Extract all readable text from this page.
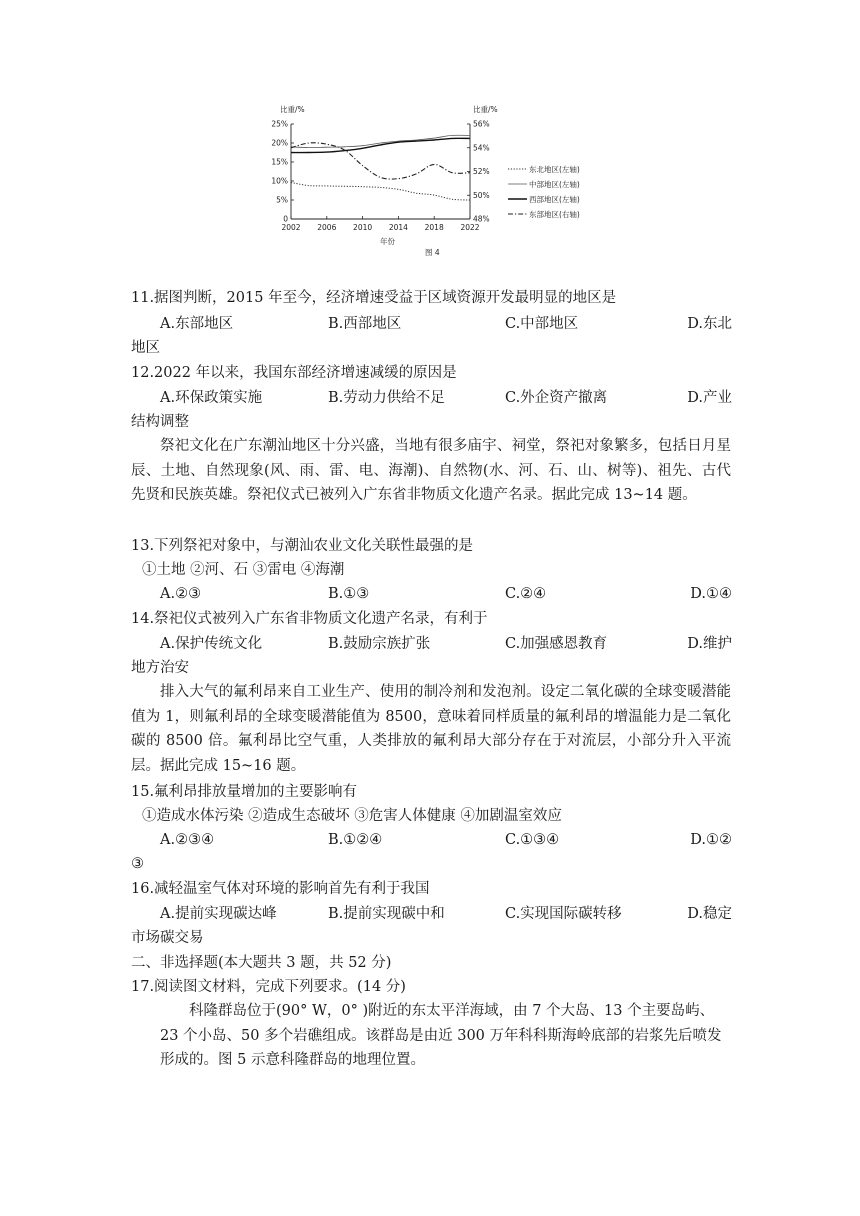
比重/%	比重/%
0
5%
10%
15%
20%
25%
48%
50%
52%
54%
56%
2002 2006 2010 2014 2018 2022
年份
图 4
东北地区(左轴)
中部地区(左轴)
西部地区(左轴)
东部地区(右轴)
11.据图判断，2015 年至今，经济增速受益于区域资源开发最明显的地区是
A.东部地区	B.西部地区	C.中部地区	D.东北
地区
12.2022 年以来，我国东部经济增速减缓的原因是
A.环保政策实施	B.劳动力供给不足	C.外企资产撤离	D.产业
结构调整
祭祀文化在广东潮汕地区十分兴盛，当地有很多庙宇、祠堂，祭祀对象繁多，包括日月星辰、土地、自然现象(风、雨、雷、电、海潮)、自然物(水、河、石、山、树等)、祖先、古代先贤和民族英雄。祭祀仪式已被列入广东省非物质文化遗产名录。据此完成 13~14 题。
13.下列祭祀对象中，与潮汕农业文化关联性最强的是
①土地 ②河、石 ③雷电 ④海潮
A.②③	B.①③	C.②④	D.①④
14.祭祀仪式被列入广东省非物质文化遗产名录，有利于
A.保护传统文化	B.鼓励宗族扩张	C.加强感恩教育	D.维护
地方治安
排入大气的氟利昂来自工业生产、使用的制冷剂和发泡剂。设定二氧化碳的全球变暖潜能值为 1，则氟利昂的全球变暖潜能值为 8500，意味着同样质量的氟利昂的增温能力是二氧化碳的 8500 倍。氟利昂比空气重，人类排放的氟利昂大部分存在于对流层，小部分升入平流层。据此完成 15~16 题。
15.氟利昂排放量增加的主要影响有
①造成水体污染 ②造成生态破坏 ③危害人体健康 ④加剧温室效应
A.②③④	B.①②④	C.①③④	D.①②
③
16.减轻温室气体对环境的影响首先有利于我国
A.提前实现碳达峰	B.提前实现碳中和	C.实现国际碳转移	D.稳定
市场碳交易
二、非选择题(本大题共 3 题，共 52 分)
17.阅读图文材料，完成下列要求。(14 分)
科隆群岛位于(90° W，0° )附近的东太平洋海域，由 7 个大岛、13 个主要岛屿、23 个小岛、50 多个岩礁组成。该群岛是由近 300 万年科科斯海岭底部的岩浆先后喷发形成的。图 5 示意科隆群岛的地理位置。
